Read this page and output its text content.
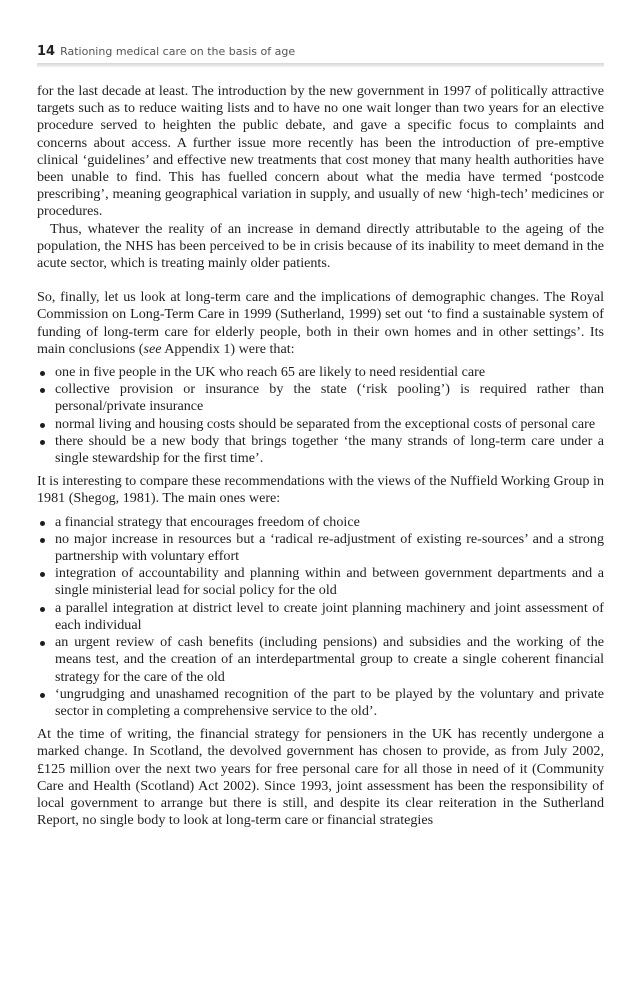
14 Rationing medical care on the basis of age

for the last decade at least. The introduction by the new government in 1997 of politically attractive targets such as to reduce waiting lists and to have no one wait longer than two years for an elective procedure served to heighten the public debate, and gave a specific focus to complaints and concerns about access. A further issue more recently has been the introduction of pre-emptive clinical ‘guidelines’ and effective new treatments that cost money that many health authorities have been unable to find. This has fuelled concern about what the media have termed ‘postcode prescribing’, meaning geographical variation in supply, and usually of new ‘high-tech’ medicines or procedures.

Thus, whatever the reality of an increase in demand directly attributable to the ageing of the population, the NHS has been perceived to be in crisis because of its inability to meet demand in the acute sector, which is treating mainly older patients.

So, finally, let us look at long-term care and the implications of demographic changes. The Royal Commission on Long-Term Care in 1999 (Sutherland, 1999) set out ‘to find a sustainable system of funding of long-term care for elderly people, both in their own homes and in other settings’. Its main conclusions (see Appendix 1) were that:

one in five people in the UK who reach 65 are likely to need residential care
collective provision or insurance by the state (‘risk pooling’) is required rather than personal/private insurance
normal living and housing costs should be separated from the exceptional costs of personal care
there should be a new body that brings together ‘the many strands of long-term care under a single stewardship for the first time’.

It is interesting to compare these recommendations with the views of the Nuffield Working Group in 1981 (Shegog, 1981). The main ones were:

a financial strategy that encourages freedom of choice
no major increase in resources but a ‘radical re-adjustment of existing re-sources’ and a strong partnership with voluntary effort
integration of accountability and planning within and between government departments and a single ministerial lead for social policy for the old
a parallel integration at district level to create joint planning machinery and joint assessment of each individual
an urgent review of cash benefits (including pensions) and subsidies and the working of the means test, and the creation of an interdepartmental group to create a single coherent financial strategy for the care of the old
‘ungrudging and unashamed recognition of the part to be played by the voluntary and private sector in completing a comprehensive service to the old’.

At the time of writing, the financial strategy for pensioners in the UK has recently undergone a marked change. In Scotland, the devolved government has chosen to provide, as from July 2002, £125 million over the next two years for free personal care for all those in need of it (Community Care and Health (Scotland) Act 2002). Since 1993, joint assessment has been the responsibility of local government to arrange but there is still, and despite its clear reiteration in the Sutherland Report, no single body to look at long-term care or financial strategies
